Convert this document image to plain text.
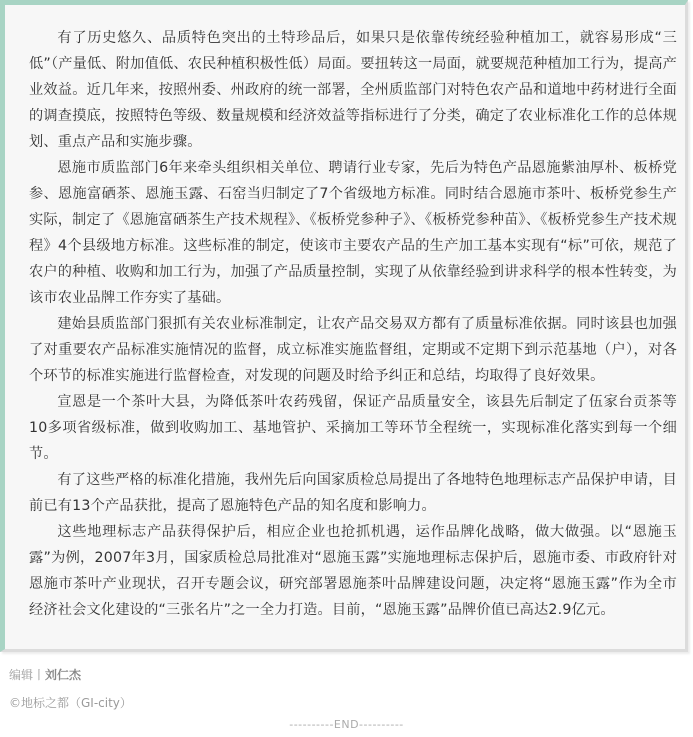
有了历史悠久、品质特色突出的土特珍品后，如果只是依靠传统经验种植加工，就容易形成“三低”（产量低、附加值低、农民种植积极性低）局面。要扭转这一局面，就要规范种植加工行为，提高产业效益。近几年来，按照州委、州政府的统一部署，全州质监部门对特色农产品和道地中药材进行全面的调查摸底，按照特色等级、数量规模和经济效益等指标进行了分类，确定了农业标准化工作的总体规划、重点产品和实施步骤。

恩施市质监部门6年来牵头组织相关单位、聘请行业专家，先后为特色产品恩施紫油厚朴、板桥党参、恩施富硒茶、恩施玉露、石窑当归制定了7个省级地方标准。同时结合恩施市茶叶、板桥党参生产实际，制定了《恩施富硒茶生产技术规程》、《板桥党参种子》、《板桥党参种苗》、《板桥党参生产技术规程》4个县级地方标准。这些标准的制定，使该市主要农产品的生产加工基本实现有“标”可依，规范了农户的种植、收购和加工行为，加强了产品质量控制，实现了从依靠经验到讲求科学的根本性转变，为该市农业品牌工作夯实了基础。

建始县质监部门狠抓有关农业标准制定，让农产品交易双方都有了质量标准依据。同时该县也加强了对重要农产品标准实施情况的监督，成立标准实施监督组，定期或不定期下到示范基地（户），对各个环节的标准实施进行监督检查，对发现的问题及时给予纠正和总结，均取得了良好效果。

宣恩是一个茶叶大县，为降低茶叶农药残留，保证产品质量安全，该县先后制定了伍家台贡茶等10多项省级标准，做到收购加工、基地管护、采摘加工等环节全程统一，实现标准化落实到每一个细节。

有了这些严格的标准化措施，我州先后向国家质检总局提出了各地特色地理标志产品保护申请，目前已有13个产品获批，提高了恩施特色产品的知名度和影响力。

这些地理标志产品获得保护后，相应企业也抢抓机遇，运作品牌化战略，做大做强。以“恩施玉露”为例，2007年3月，国家质检总局批准对“恩施玉露”实施地理标志保护后，恩施市委、市政府针对恩施市茶叶产业现状，召开专题会议，研究部署恩施茶叶品牌建设问题，决定将“恩施玉露”作为全市经济社会文化建设的“三张名片”之一全力打造。目前，“恩施玉露”品牌价值已高达2.9亿元。

编辑丨刘仁杰
©地标之都（GI-city）
----------END----------
